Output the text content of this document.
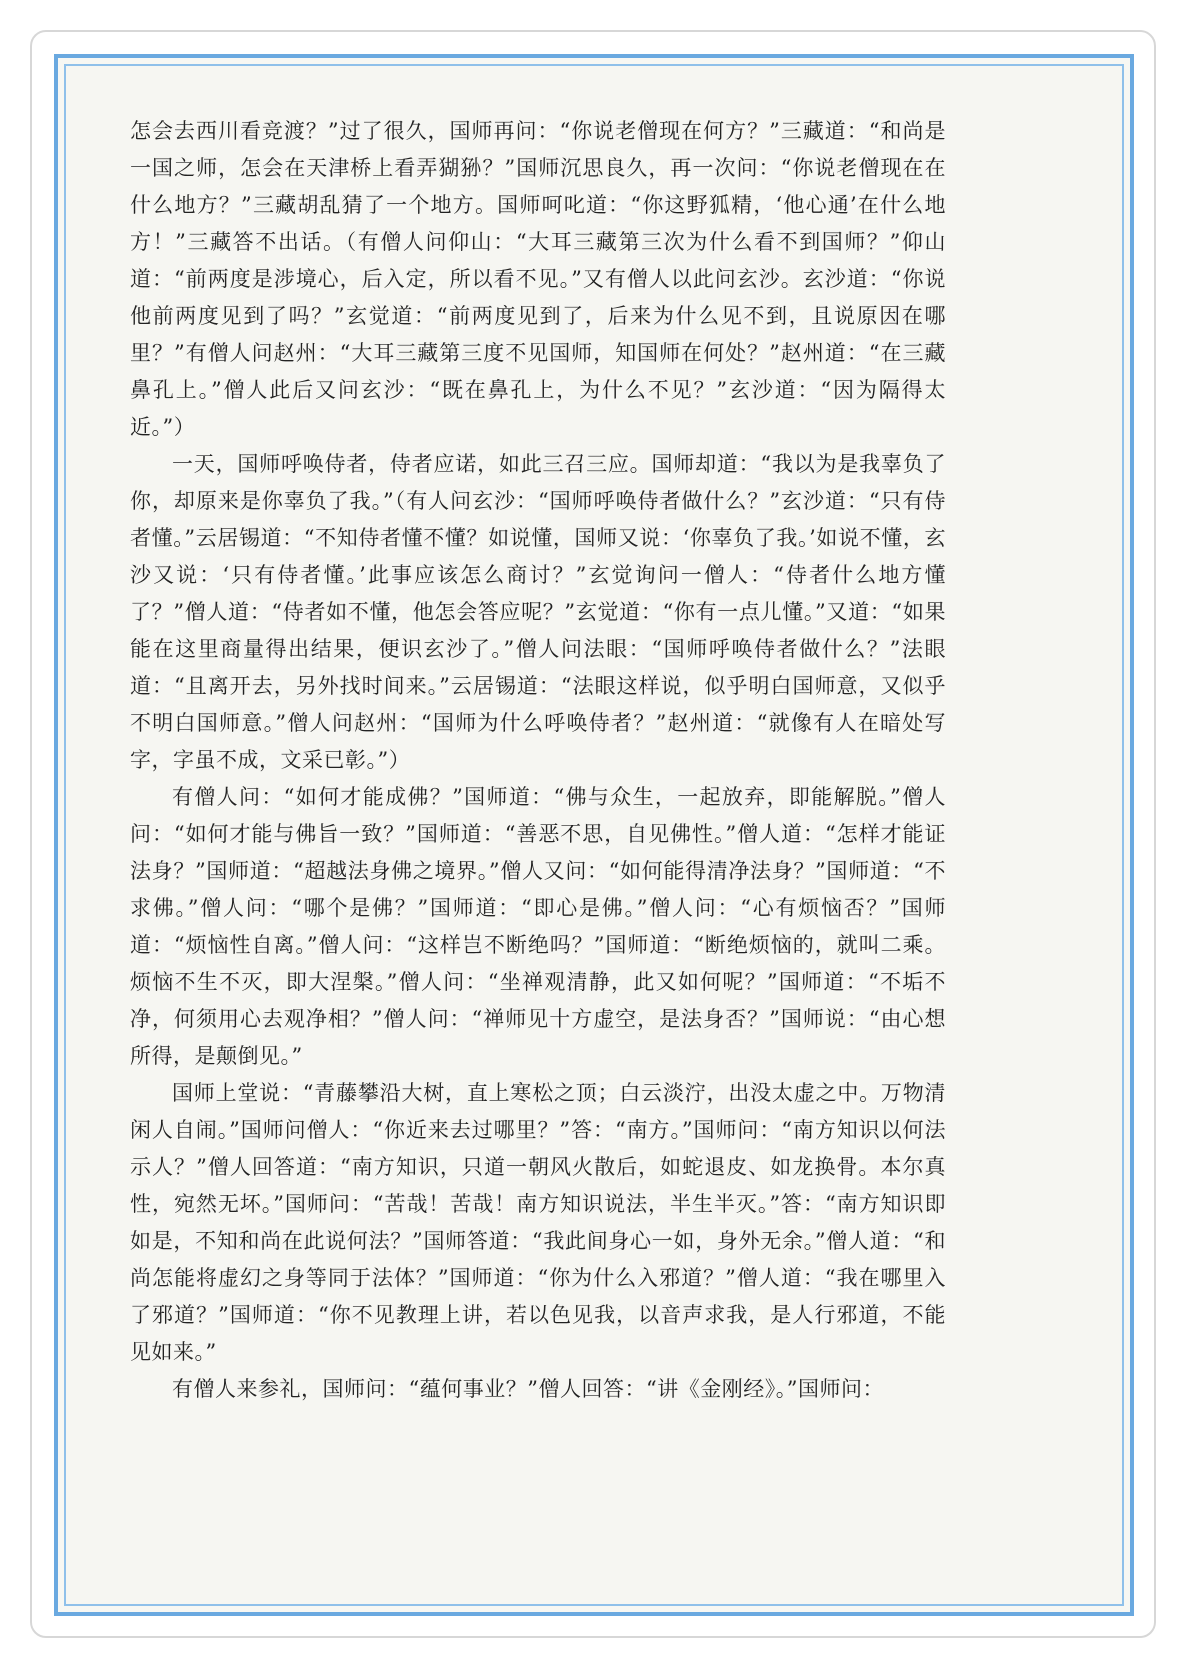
怎会去西川看竞渡？”过了很久，国师再问：“你说老僧现在何方？”三藏道：“和尚是一国之师，怎会在天津桥上看弄猢狲？”国师沉思良久，再一次问：“你说老僧现在在什么地方？”三藏胡乱猜了一个地方。国师呵叱道：“你这野狐精，‘他心通’在什么地方！”三藏答不出话。（有僧人问仰山：“大耳三藏第三次为什么看不到国师？”仰山道：“前两度是涉境心，后入定，所以看不见。”又有僧人以此问玄沙。玄沙道：“你说他前两度见到了吗？”玄觉道：“前两度见到了，后来为什么见不到，且说原因在哪里？”有僧人问赵州：“大耳三藏第三度不见国师，知国师在何处？”赵州道：“在三藏鼻孔上。”僧人此后又问玄沙：“既在鼻孔上，为什么不见？”玄沙道：“因为隔得太近。”）

一天，国师呼唤侍者，侍者应诺，如此三召三应。国师却道：“我以为是我辜负了你，却原来是你辜负了我。”（有人问玄沙：“国师呼唤侍者做什么？”玄沙道：“只有侍者懂。”云居锡道：“不知侍者懂不懂？如说懂，国师又说：‘你辜负了我。’如说不懂，玄沙又说：‘只有侍者懂。’此事应该怎么商讨？”玄觉询问一僧人：“侍者什么地方懂了？”僧人道：“侍者如不懂，他怎会答应呢？”玄觉道：“你有一点儿懂。”又道：“如果能在这里商量得出结果，便识玄沙了。”僧人问法眼：“国师呼唤侍者做什么？”法眼道：“且离开去，另外找时间来。”云居锡道：“法眼这样说，似乎明白国师意，又似乎不明白国师意。”僧人问赵州：“国师为什么呼唤侍者？”赵州道：“就像有人在暗处写字，字虽不成，文采已彰。”）

有僧人问：“如何才能成佛？”国师道：“佛与众生，一起放弃，即能解脱。”僧人问：“如何才能与佛旨一致？”国师道：“善恶不思，自见佛性。”僧人道：“怎样才能证法身？”国师道：“超越法身佛之境界。”僧人又问：“如何能得清净法身？”国师道：“不求佛。”僧人问：“哪个是佛？”国师道：“即心是佛。”僧人问：“心有烦恼否？”国师道：“烦恼性自离。”僧人问：“这样岂不断绝吗？”国师道：“断绝烦恼的，就叫二乘。烦恼不生不灭，即大涅槃。”僧人问：“坐禅观清静，此又如何呢？”国师道：“不垢不净，何须用心去观净相？”僧人问：“禅师见十方虚空，是法身否？”国师说：“由心想所得，是颠倒见。”

国师上堂说：“青藤攀沿大树，直上寒松之顶；白云淡泞，出没太虚之中。万物清闲人自闹。”国师问僧人：“你近来去过哪里？”答：“南方。”国师问：“南方知识以何法示人？”僧人回答道：“南方知识，只道一朝风火散后，如蛇退皮、如龙换骨。本尔真性，宛然无坏。”国师问：“苦哉！苦哉！南方知识说法，半生半灭。”答：“南方知识即如是，不知和尚在此说何法？”国师答道：“我此间身心一如，身外无余。”僧人道：“和尚怎能将虚幻之身等同于法体？”国师道：“你为什么入邪道？”僧人道：“我在哪里入了邪道？”国师道：“你不见教理上讲，若以色见我，以音声求我，是人行邪道，不能见如来。”

有僧人来参礼，国师问：“蕴何事业？”僧人回答：“讲《金刚经》。”国师问：
